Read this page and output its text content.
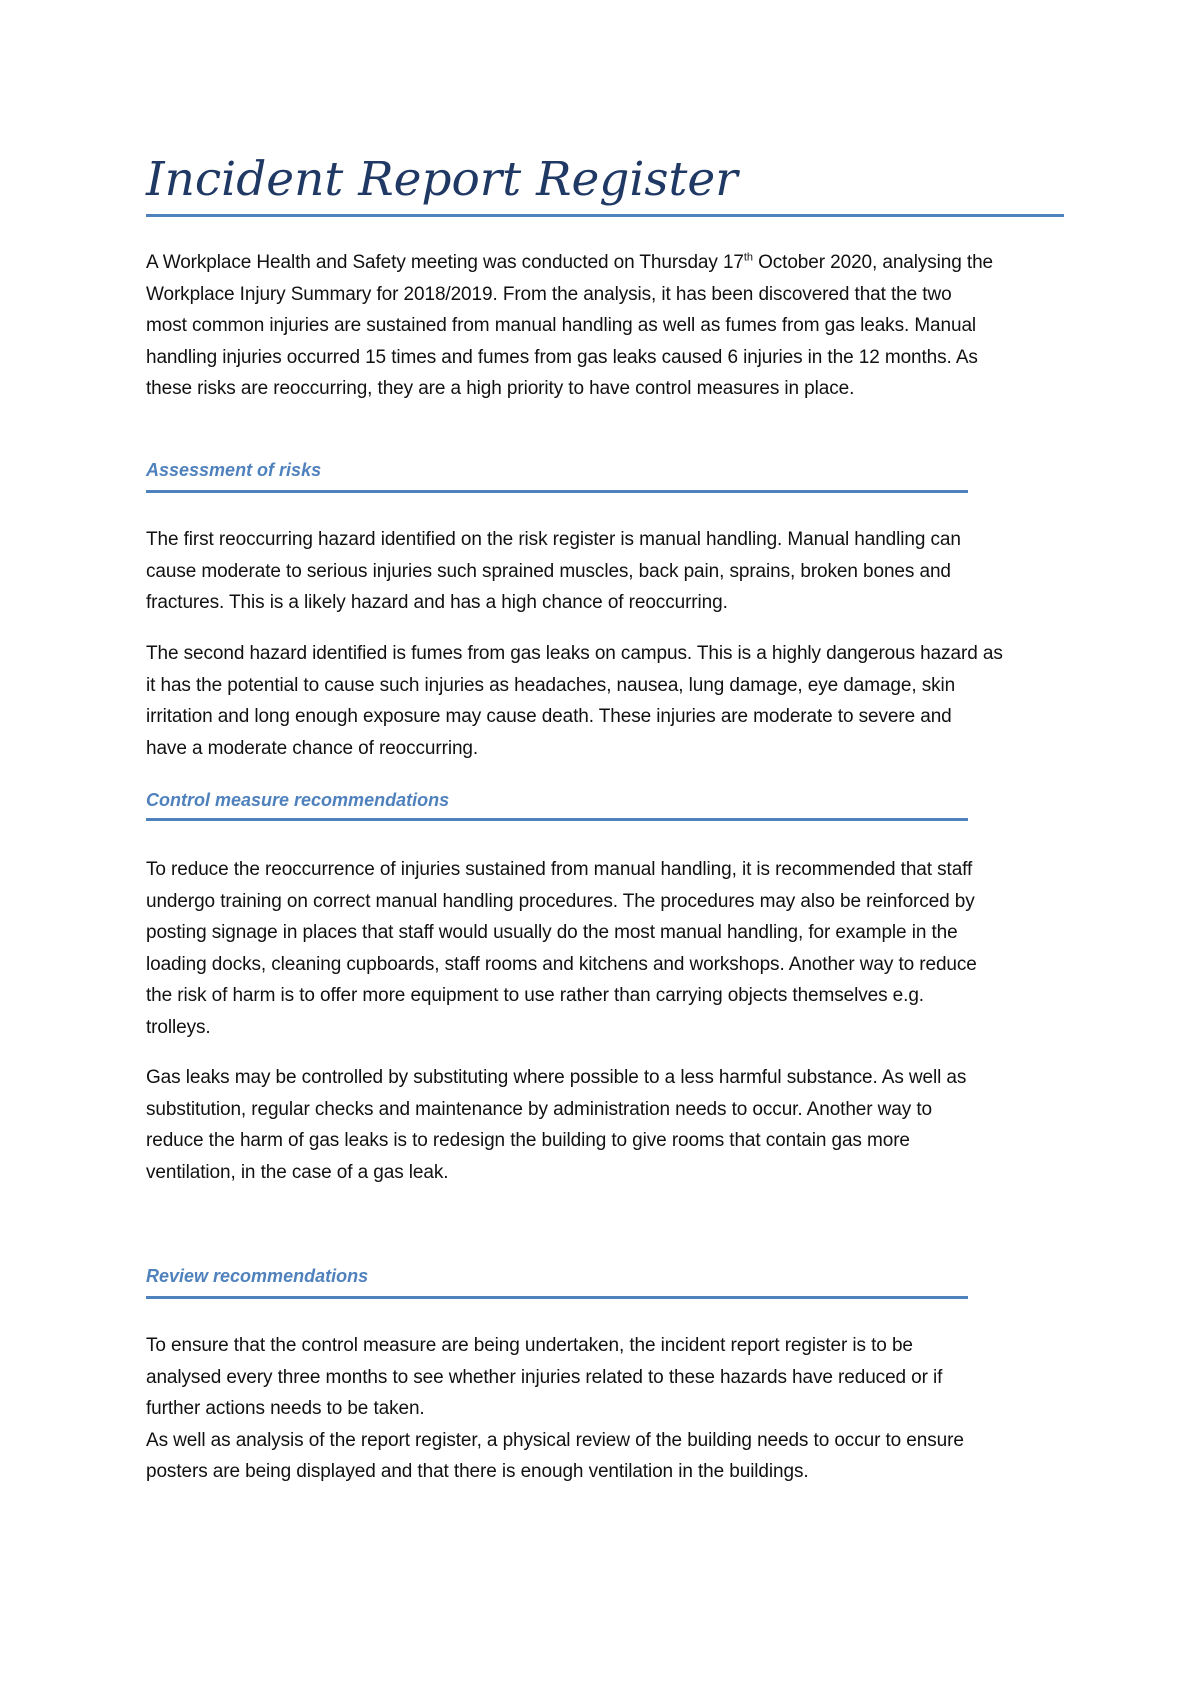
Incident Report Register

A Workplace Health and Safety meeting was conducted on Thursday 17th October 2020, analysing the
Workplace Injury Summary for 2018/2019. From the analysis, it has been discovered that the two
most common injuries are sustained from manual handling as well as fumes from gas leaks. Manual
handling injuries occurred 15 times and fumes from gas leaks caused 6 injuries in the 12 months. As
these risks are reoccurring, they are a high priority to have control measures in place.

Assessment of risks

The first reoccurring hazard identified on the risk register is manual handling. Manual handling can
cause moderate to serious injuries such sprained muscles, back pain, sprains, broken bones and
fractures. This is a likely hazard and has a high chance of reoccurring.

The second hazard identified is fumes from gas leaks on campus. This is a highly dangerous hazard as
it has the potential to cause such injuries as headaches, nausea, lung damage, eye damage, skin
irritation and long enough exposure may cause death. These injuries are moderate to severe and
have a moderate chance of reoccurring.

Control measure recommendations

To reduce the reoccurrence of injuries sustained from manual handling, it is recommended that staff
undergo training on correct manual handling procedures. The procedures may also be reinforced by
posting signage in places that staff would usually do the most manual handling, for example in the
loading docks, cleaning cupboards, staff rooms and kitchens and workshops. Another way to reduce
the risk of harm is to offer more equipment to use rather than carrying objects themselves e.g.
trolleys.

Gas leaks may be controlled by substituting where possible to a less harmful substance. As well as
substitution, regular checks and maintenance by administration needs to occur. Another way to
reduce the harm of gas leaks is to redesign the building to give rooms that contain gas more
ventilation, in the case of a gas leak.

Review recommendations

To ensure that the control measure are being undertaken, the incident report register is to be
analysed every three months to see whether injuries related to these hazards have reduced or if
further actions needs to be taken.
As well as analysis of the report register, a physical review of the building needs to occur to ensure
posters are being displayed and that there is enough ventilation in the buildings.
